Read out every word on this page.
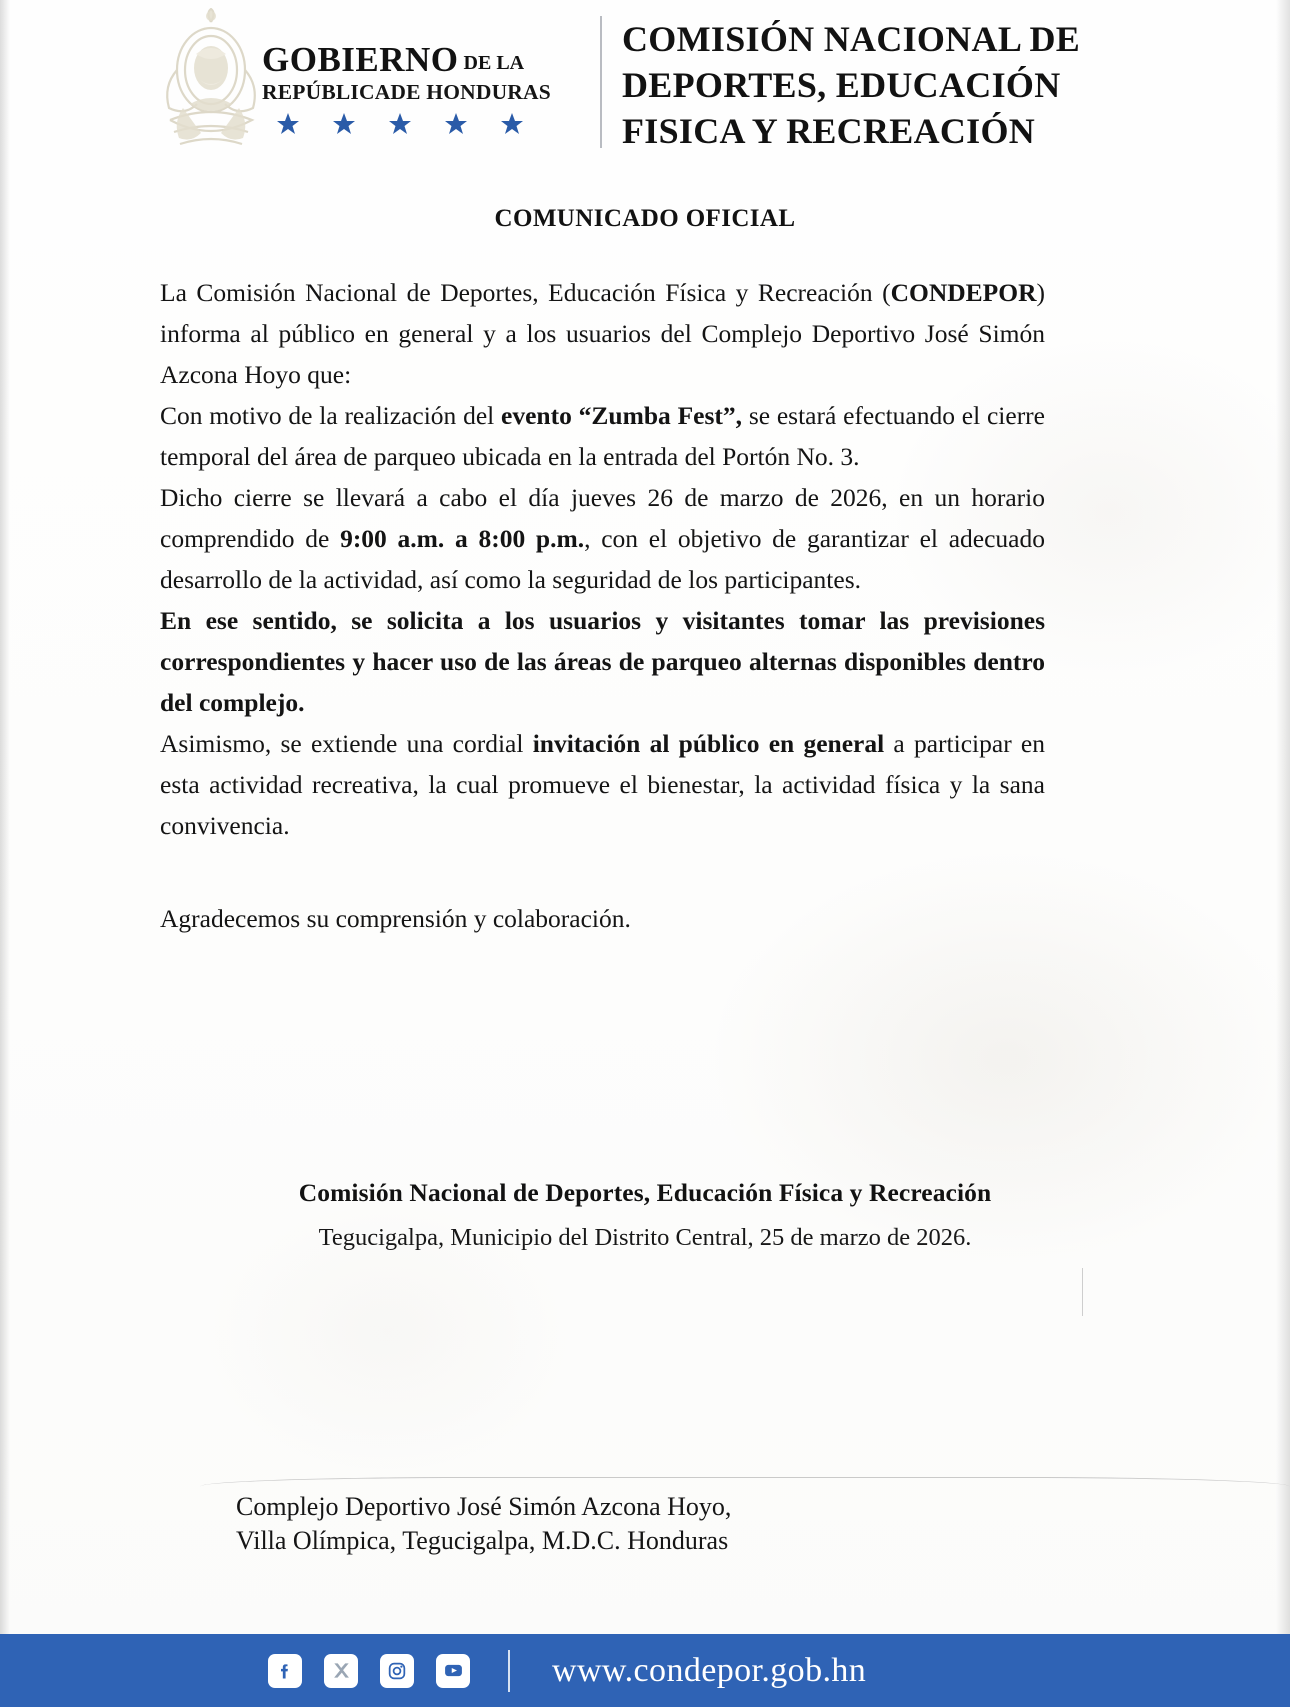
GOBIERNO DE LA
REPÚBLICADE HONDURAS
COMISIÓN NACIONAL DE
DEPORTES, EDUCACIÓN
FISICA Y RECREACIÓN
COMUNICADO OFICIAL

La Comisión Nacional de Deportes, Educación Física y Recreación (CONDEPOR) informa al público en general y a los usuarios del Complejo Deportivo José Simón Azcona Hoyo que:

Con motivo de la realización del evento “Zumba Fest”, se estará efectuando el cierre temporal del área de parqueo ubicada en la entrada del Portón No. 3.

Dicho cierre se llevará a cabo el día jueves 26 de marzo de 2026, en un horario comprendido de 9:00 a.m. a 8:00 p.m., con el objetivo de garantizar el adecuado desarrollo de la actividad, así como la seguridad de los participantes.

En ese sentido, se solicita a los usuarios y visitantes tomar las previsiones correspondientes y hacer uso de las áreas de parqueo alternas disponibles dentro del complejo.

Asimismo, se extiende una cordial invitación al público en general a participar en esta actividad recreativa, la cual promueve el bienestar, la actividad física y la sana convivencia.

Agradecemos su comprensión y colaboración.

Comisión Nacional de Deportes, Educación Física y Recreación
Tegucigalpa, Municipio del Distrito Central, 25 de marzo de 2026.
Complejo Deportivo José Simón Azcona Hoyo,
Villa Olímpica, Tegucigalpa, M.D.C. Honduras
www.condepor.gob.hn
